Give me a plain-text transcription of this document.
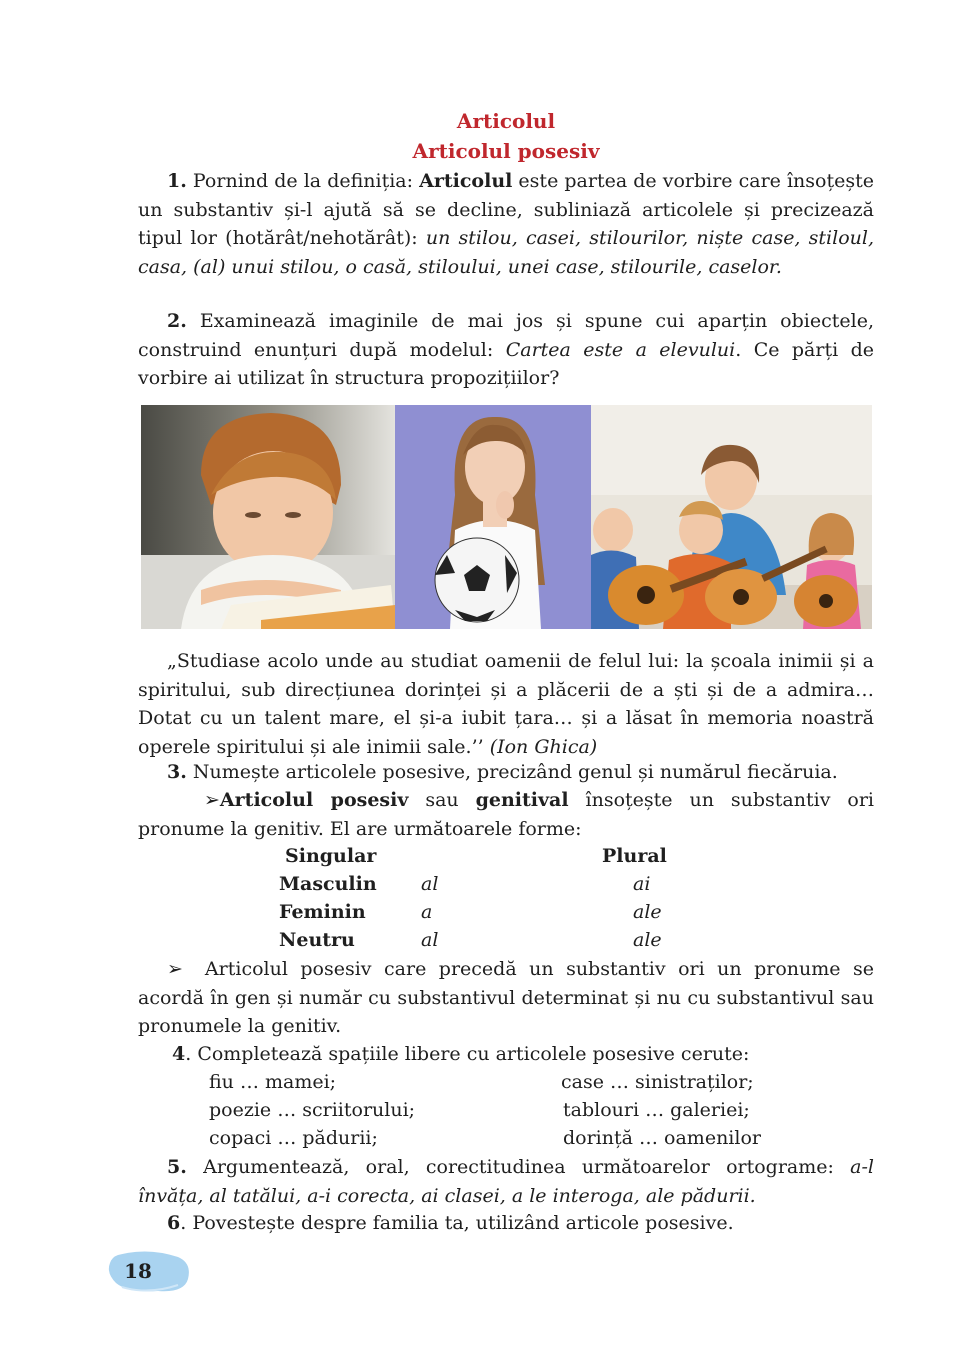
Articolul
Articolul posesiv

1. Pornind de la definiția: Articolul este partea de vorbire care însoțește un substantiv și-l ajută să se decline, subliniază articolele și precizează tipul lor (hotărât/nehotărât): un stilou, casei, stilourilor, niște case, stiloul, casa, (al) unui stilou, o casă, stiloului, unei case, stilourile, caselor.

2. Examinează imaginile de mai jos și spune cui aparțin obiectele, construind enunțuri după modelul: Cartea este a elevului. Ce părți de vorbire ai utilizat în structura propozițiilor?

„Studiase acolo unde au studiat oamenii de felul lui: la școala inimii și a spiritului, sub direcțiunea dorinței și a plăcerii de a ști și de a admira… Dotat cu un talent mare, el și-a iubit țara… și a lăsat în memoria noastră operele spiritului și ale inimii sale.’’ (Ion Ghica)

3. Numește articolele posesive, precizând genul și numărul fiecăruia.

➢Articolul posesiv sau genitival însoțește un substantiv ori pronume la genitiv. El are următoarele forme:

Singular	Plural
Masculin al	ai
Feminin	a	ale
Neutru	al	ale

➢ Articolul posesiv care precedă un substantiv ori un pronume se acordă în gen și număr cu substantivul determinat și nu cu substantivul sau pronumele la genitiv.

4. Completează spațiile libere cu articolele posesive cerute:

fiu … mamei;	case … sinistraților;
poezie … scriitorului;	tablouri … galeriei;
copaci … pădurii;	dorință … oamenilor

5. Argumentează, oral, corectitudinea următoarelor ortograme: a-l învăța, al tatălui, a-i corecta, ai clasei, a le interoga, ale pădurii.

6. Povestește despre familia ta, utilizând articole posesive.

18
